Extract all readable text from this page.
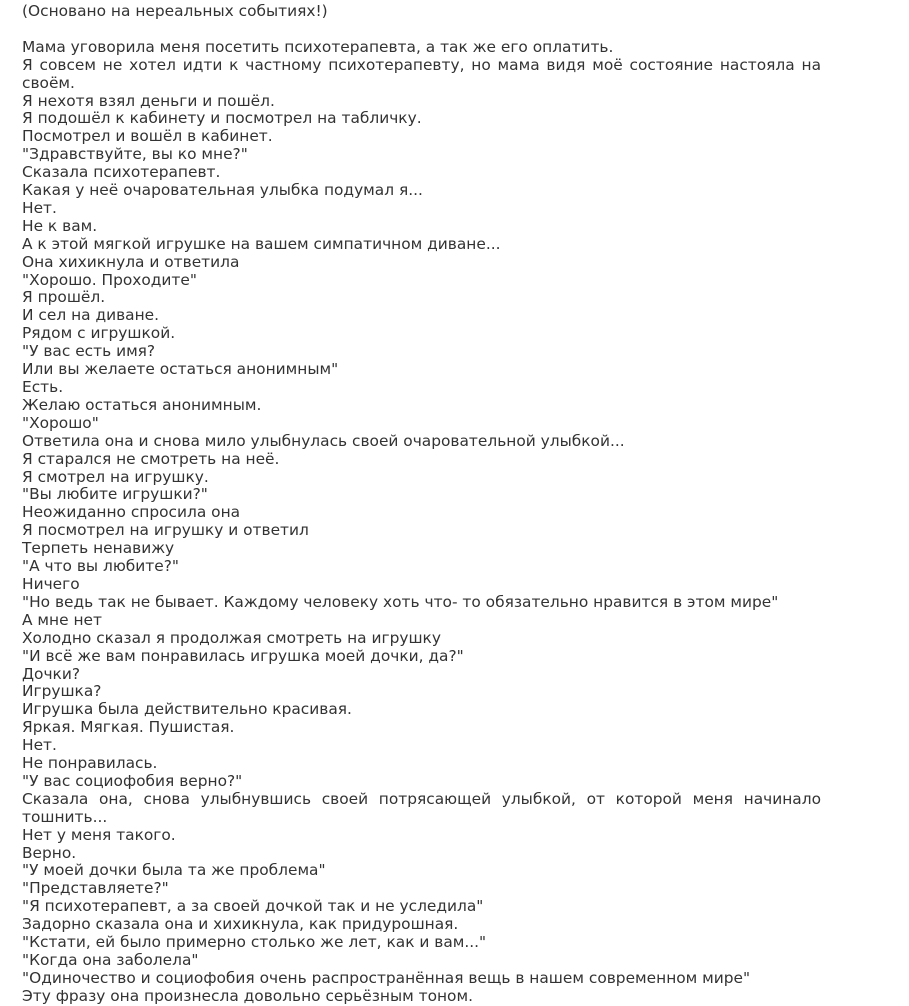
(Основано на нереальных событиях!)

Мама уговорила меня посетить психотерапевта, а так же его оплатить.

Я совсем не хотел идти к частному психотерапевту, но мама видя моё состояние настояла на своём.

Я нехотя взял деньги и пошёл.

Я подошёл к кабинету и посмотрел на табличку.

Посмотрел и вошёл в кабинет.

"Здравствуйте, вы ко мне?"

Сказала психотерапевт.

Какая у неё очаровательная улыбка подумал я...

Нет.

Не к вам.

А к этой мягкой игрушке на вашем симпатичном диване...

Она хихикнула и ответила

"Хорошо. Проходите"

Я прошёл.

И сел на диване.

Рядом с игрушкой.

"У вас есть имя?

Или вы желаете остаться анонимным"

Есть.

Желаю остаться анонимным.

"Хорошо"

Ответила она и снова мило улыбнулась своей очаровательной улыбкой...

Я старался не смотреть на неё.

Я смотрел на игрушку.

"Вы любите игрушки?"

Неожиданно спросила она

Я посмотрел на игрушку и ответил

Терпеть ненавижу

"А что вы любите?"

Ничего

"Но ведь так не бывает. Каждому человеку хоть что- то обязательно нравится в этом мире"

А мне нет

Холодно сказал я продолжая смотреть на игрушку

"И всё же вам понравилась игрушка моей дочки, да?"

Дочки?

Игрушка?

Игрушка была действительно красивая.

Яркая. Мягкая. Пушистая.

Нет.

Не понравилась.

"У вас социофобия верно?"

Сказала она, снова улыбнувшись своей потрясающей улыбкой, от которой меня начинало тошнить...

Нет у меня такого.

Верно.

"У моей дочки была та же проблема"

"Представляете?"

"Я психотерапевт, а за своей дочкой так и не уследила"

Задорно сказала она и хихикнула, как придурошная.

"Кстати, ей было примерно столько же лет, как и вам..."

"Когда она заболела"

"Одиночество и социофобия очень распространённая вещь в нашем современном мире"

Эту фразу она произнесла довольно серьёзным тоном.
